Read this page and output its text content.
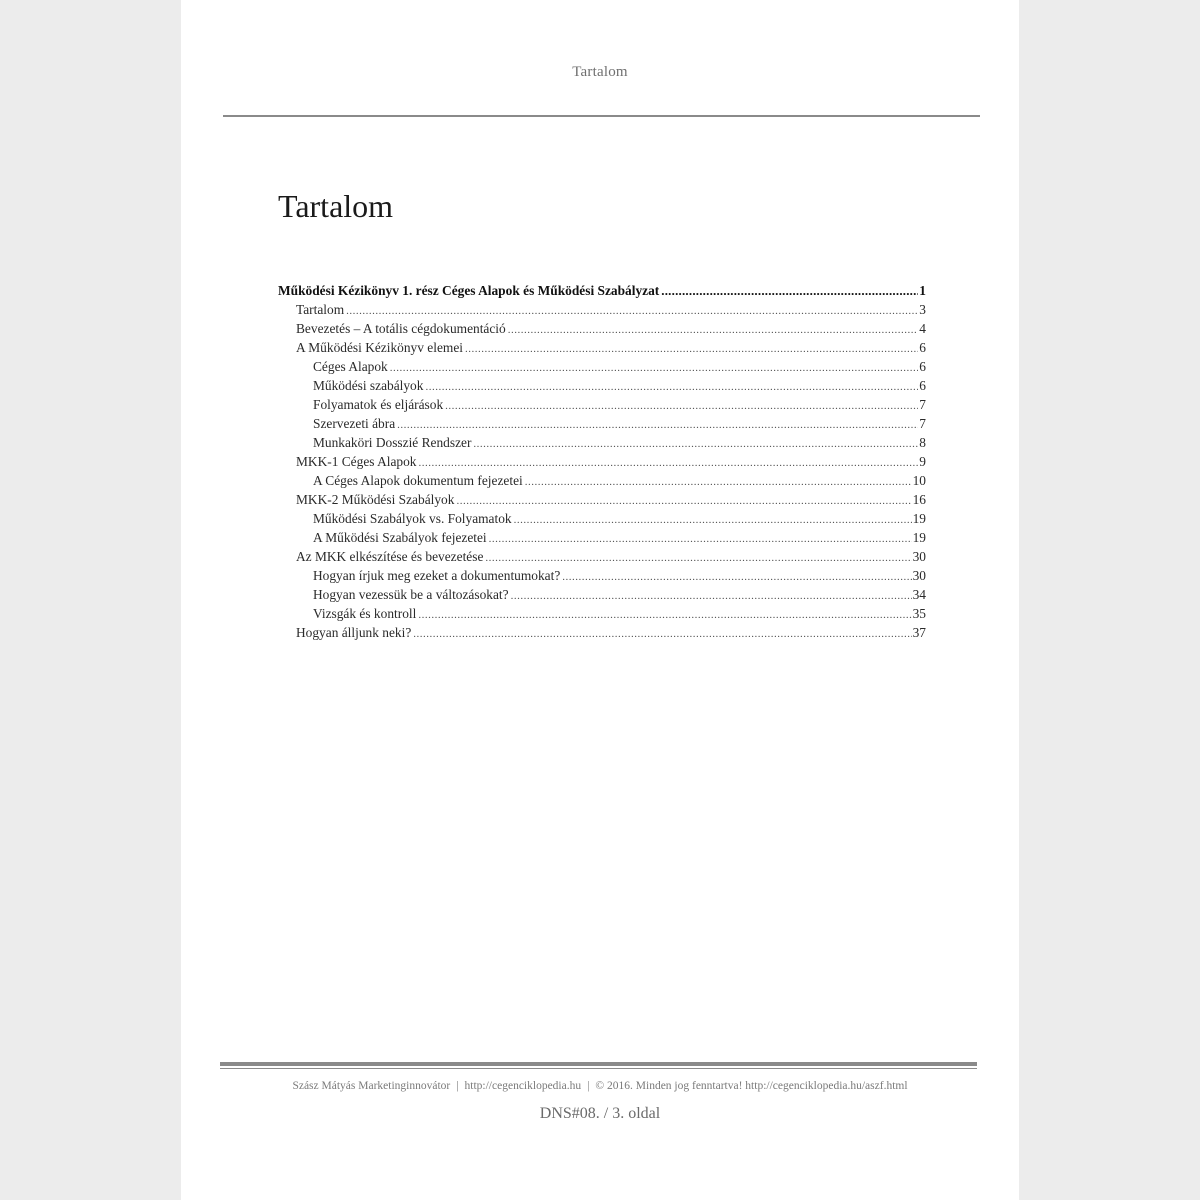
Tartalom
Tartalom
Működési Kézikönyv 1. rész Céges Alapok és Működési Szabályzat .....	1
Tartalom .....	3
Bevezetés – A totális cégdokumentáció .....	4
A Működési Kézikönyv elemei .....	6
Céges Alapok .....	6
Működési szabályok .....	6
Folyamatok és eljárások .....	7
Szervezeti ábra .....	7
Munkaköri Dosszié Rendszer .....	8
MKK-1 Céges Alapok .....	9
A Céges Alapok dokumentum fejezetei .....	10
MKK-2 Működési Szabályok .....	16
Működési Szabályok vs. Folyamatok .....	19
A Működési Szabályok fejezetei .....	19
Az MKK elkészítése és bevezetése .....	30
Hogyan írjuk meg ezeket a dokumentumokat? .....	30
Hogyan vezessük be a változásokat? .....	34
Vizsgák és kontroll .....	35
Hogyan álljunk neki? .....	37
Szász Mátyás Marketinginnovátor | http://cegenciklopedia.hu | © 2016. Minden jog fenntartva! http://cegenciklopedia.hu/aszf.html
DNS#08. / 3. oldal
